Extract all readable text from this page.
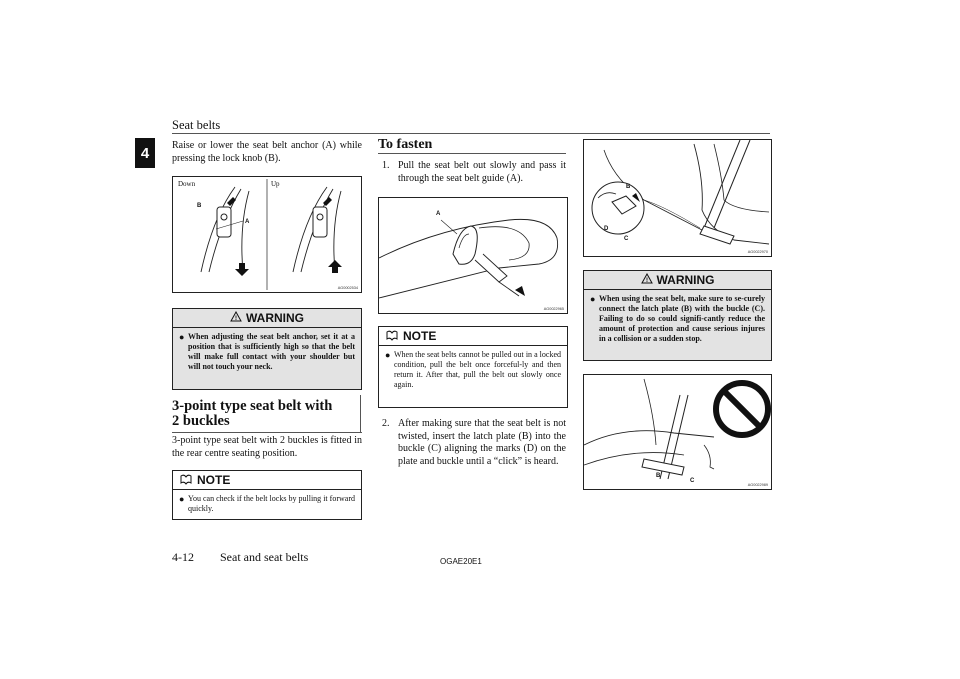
Seat belts
4	Raise or lower the seat belt anchor (A) while pressing the lock knob (B).
Down	Up
B
A
AG0002534
! WARNING
● When adjusting the seat belt anchor, set it at a position that is sufficiently high so that the belt will make full contact with your shoulder but will not touch your neck.
3-point type seat belt with 2 buckles
3-point type seat belt with 2 buckles is fitted in the rear centre seating position.
NOTE
● You can check if the belt locks by pulling it forward quickly.
To fasten
1. Pull the seat belt out slowly and pass it through the seat belt guide (A).
A
AG0022965
NOTE
● When the seat belts cannot be pulled out in a locked condition, pull the belt once forceful-ly and then return it. After that, pull the belt out slowly once again.
2. After making sure that the seat belt is not twisted, insert the latch plate (B) into the buckle (C) aligning the marks (D) on the plate and buckle until a “click” is heard.
B
D
C
AG0022970
! WARNING
● When using the seat belt, make sure to se-curely connect the latch plate (B) with the buckle (C). Failing to do so could signifi-cantly reduce the amount of protection and cause serious injures in a collision or a sudden stop.
B
C
AG0022989
4-12 Seat and seat belts	OGAE20E1
